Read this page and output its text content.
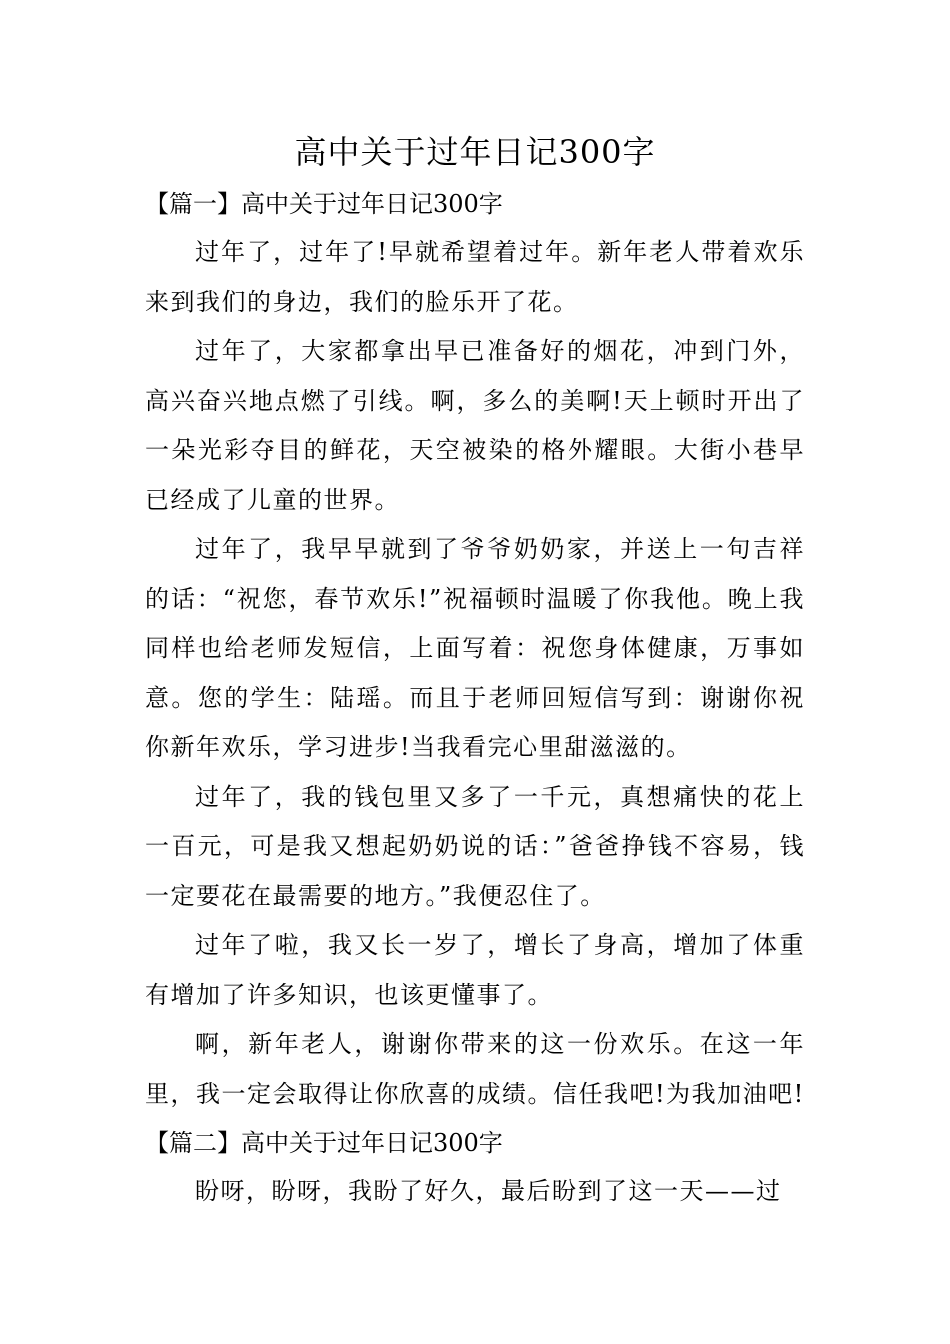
高中关于过年日记300字
【篇一】高中关于过年日记300字

过年了，过年了!早就希望着过年。新年老人带着欢乐来到我们的身边，我们的脸乐开了花。

过年了，大家都拿出早已准备好的烟花，冲到门外，高兴奋兴地点燃了引线。啊，多么的美啊!天上顿时开出了一朵光彩夺目的鲜花，天空被染的格外耀眼。大街小巷早已经成了儿童的世界。

过年了，我早早就到了爷爷奶奶家，并送上一句吉祥的话：“祝您，春节欢乐!”祝福顿时温暖了你我他。晚上我同样也给老师发短信，上面写着：祝您身体健康，万事如意。您的学生：陆瑶。而且于老师回短信写到：谢谢你祝你新年欢乐，学习进步!当我看完心里甜滋滋的。

过年了，我的钱包里又多了一千元，真想痛快的花上一百元，可是我又想起奶奶说的话：”爸爸挣钱不容易，钱一定要花在最需要的地方。”我便忍住了。

过年了啦，我又长一岁了，增长了身高，增加了体重有增加了许多知识，也该更懂事了。

啊，新年老人，谢谢你带来的这一份欢乐。在这一年里，我一定会取得让你欣喜的成绩。信任我吧!为我加油吧!

【篇二】高中关于过年日记300字

盼呀，盼呀，我盼了好久，最后盼到了这一天——过
